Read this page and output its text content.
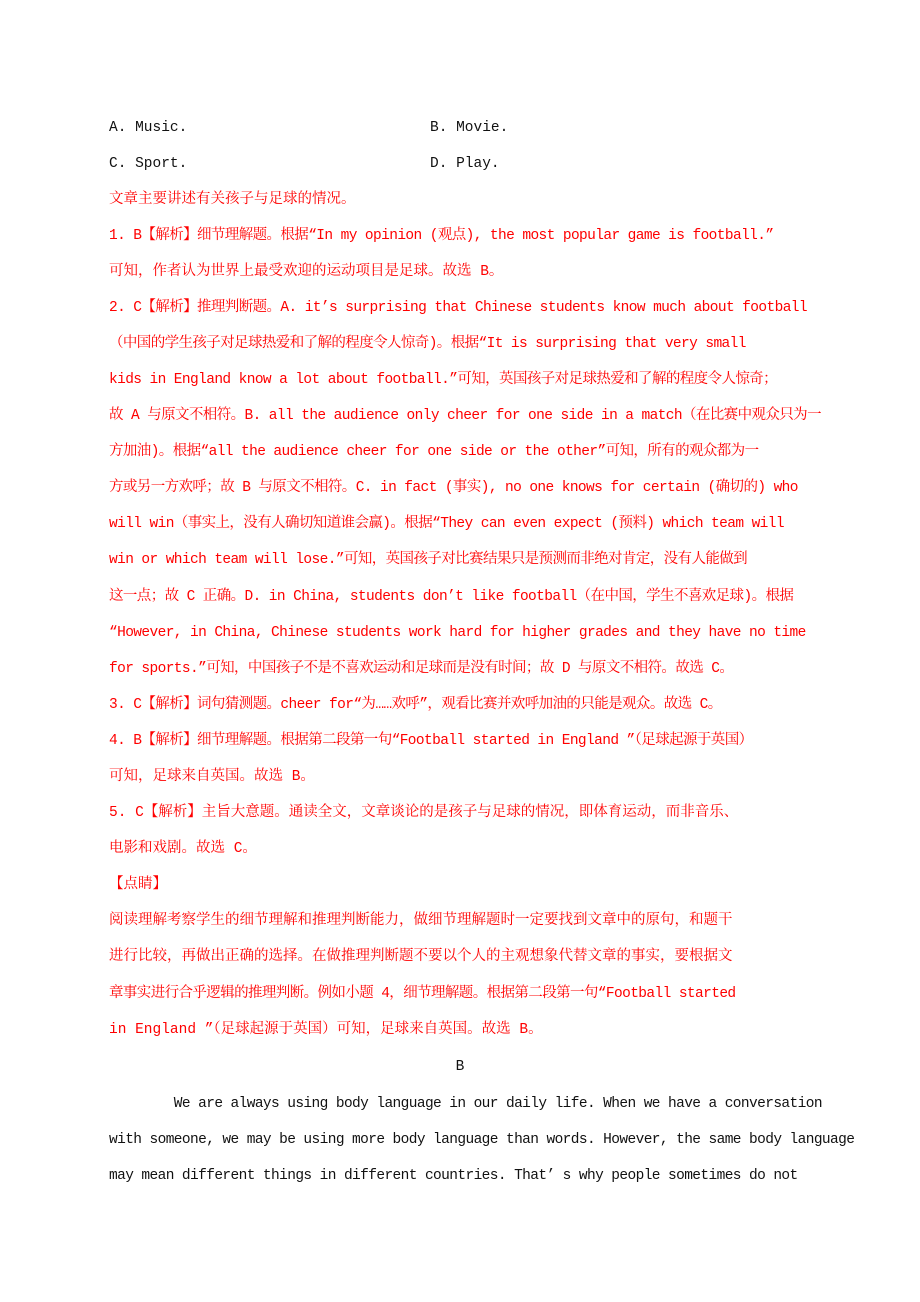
A. Music.	B. Movie.
C. Sport.	D. Play.
文章主要讲述有关孩子与足球的情况。
1. B【解析】细节理解题。根据“In my opinion (观点), the most popular game is football.”
可知，作者认为世界上最受欢迎的运动项目是足球。故选 B。
2. C【解析】推理判断题。A. it’s surprising that Chinese students know much about football
（中国的学生孩子对足球热爱和了解的程度令人惊奇)。根据“It is surprising that very small
kids in England know a lot about football.”可知，英国孩子对足球热爱和了解的程度令人惊奇；
故 A 与原文不相符。B. all the audience only cheer for one side in a match（在比赛中观众只为一
方加油)。根据“all the audience cheer for one side or the other”可知，所有的观众都为一
方或另一方欢呼；故 B 与原文不相符。C. in fact (事实), no one knows for certain (确切的) who
will win（事实上，没有人确切知道谁会赢)。根据“They can even expect (预料) which team will
win or which team will lose.”可知，英国孩子对比赛结果只是预测而非绝对肯定，没有人能做到
这一点；故 C 正确。D. in China, students don’t like football（在中国，学生不喜欢足球)。根据
“However, in China, Chinese students work hard for higher grades and they have no time
for sports.”可知，中国孩子不是不喜欢运动和足球而是没有时间；故 D 与原文不相符。故选 C。
3. C【解析】词句猜测题。cheer for“为……欢呼”，观看比赛并欢呼加油的只能是观众。故选 C。
4. B【解析】细节理解题。根据第二段第一句“Football started in England ”（足球起源于英国）
可知，足球来自英国。故选 B。
5. C【解析】主旨大意题。通读全文，文章谈论的是孩子与足球的情况，即体育运动，而非音乐、
电影和戏剧。故选 C。
【点睛】
阅读理解考察学生的细节理解和推理判断能力，做细节理解题时一定要找到文章中的原句，和题干
进行比较，再做出正确的选择。在做推理判断题不要以个人的主观想象代替文章的事实，要根据文
章事实进行合乎逻辑的推理判断。例如小题 4，细节理解题。根据第二段第一句“Football started
in England ”（足球起源于英国）可知，足球来自英国。故选 B。
B
We are always using body language in our daily life. When we have a conversation
with someone, we may be using more body language than words. However, the same body language
may mean different things in different countries. That’ s why people sometimes do not
